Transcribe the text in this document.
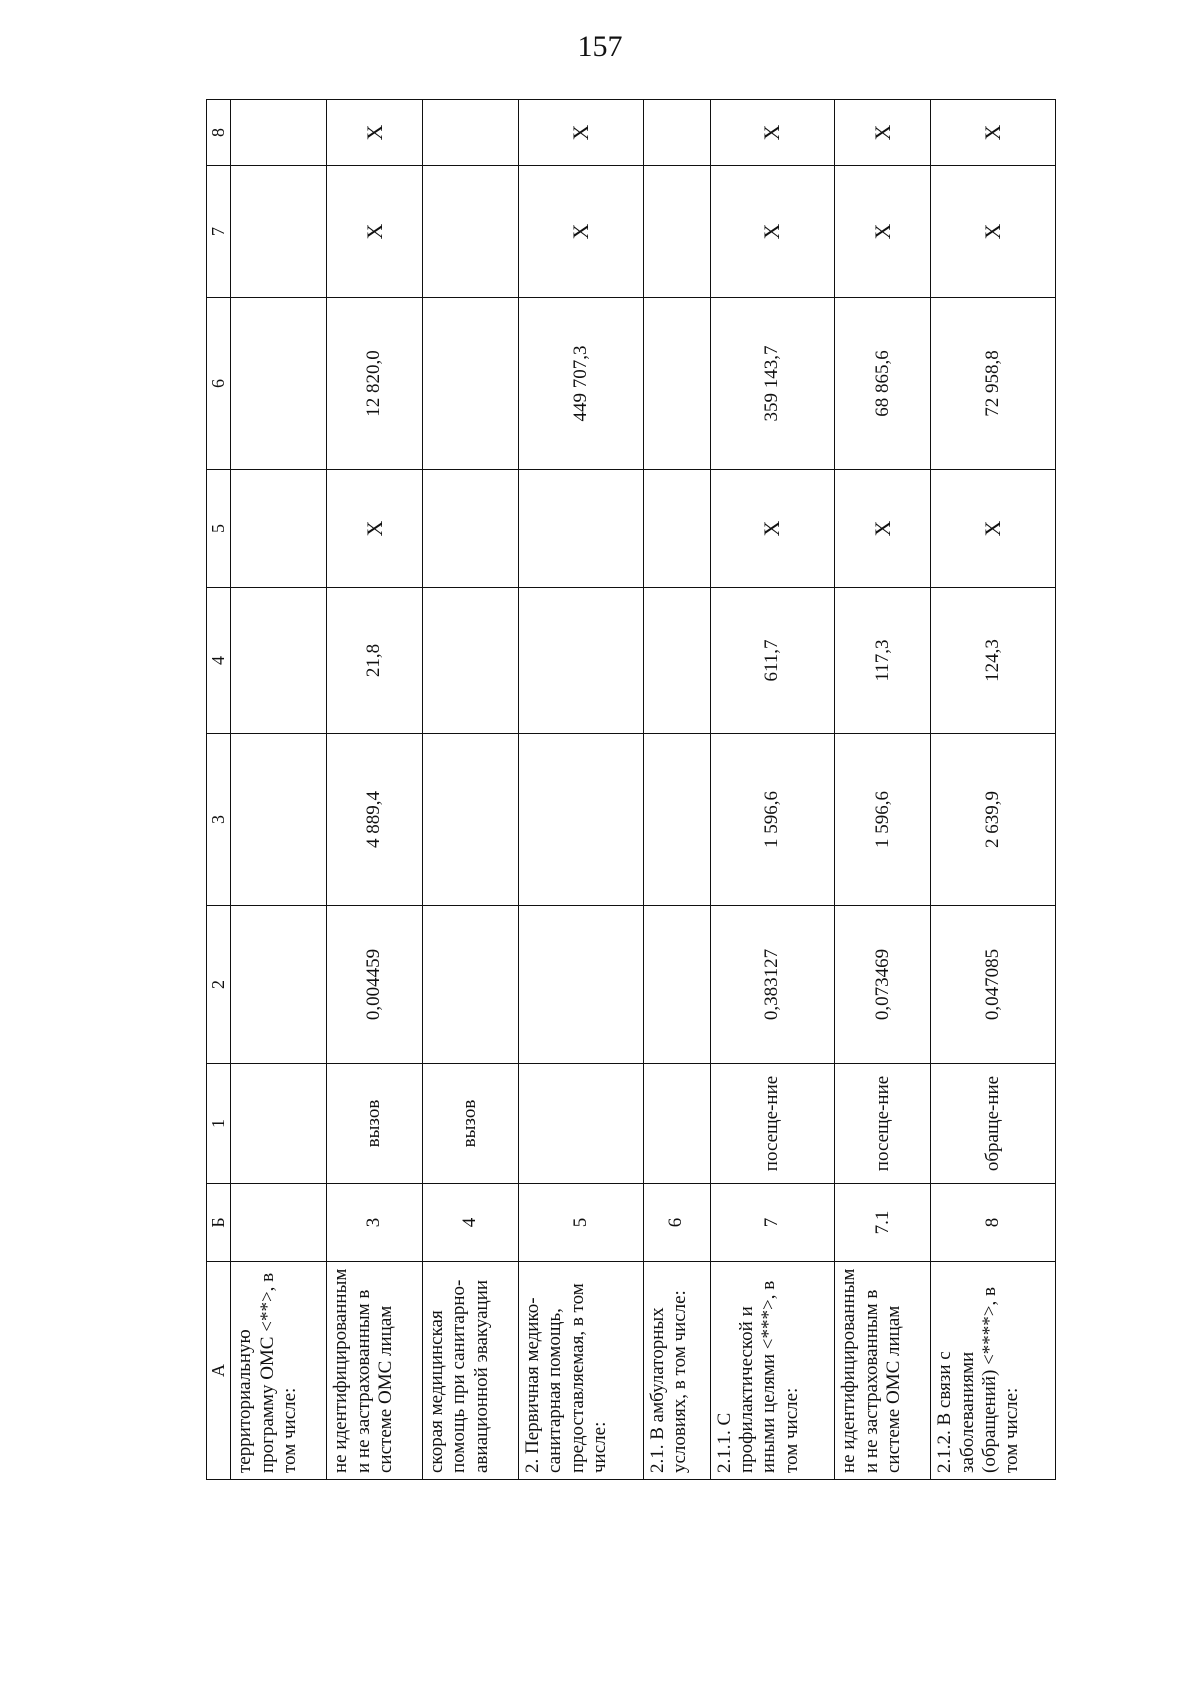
157
А	Б	1	2	3	4	5	6	7	8
территориальную программу ОМС <**>, в том числе:									
не идентифицированным и не застрахованным в системе ОМС лицам	3	вызов	0,004459	4 889,4	21,8	X	12 820,0	X	X
скорая медицинская помощь при санитарно-авиационной эвакуации	4	вызов							
2. Первичная медико-санитарная помощь, предоставляемая, в том числе:	5						449 707,3	X	X
2.1. В амбулаторных условиях, в том числе:	6								
2.1.1. С профилактической и иными целями <***>, в том числе:	7	посеще-ние	0,383127	1 596,6	611,7	X	359 143,7	X	X
не идентифицированным и не застрахованным в системе ОМС лицам	7.1	посеще-ние	0,073469	1 596,6	117,3	X	68 865,6	X	X
2.1.2. В связи с заболеваниями (обращений) <****>, в том числе:	8	обраще-ние	0,047085	2 639,9	124,3	X	72 958,8	X	X
